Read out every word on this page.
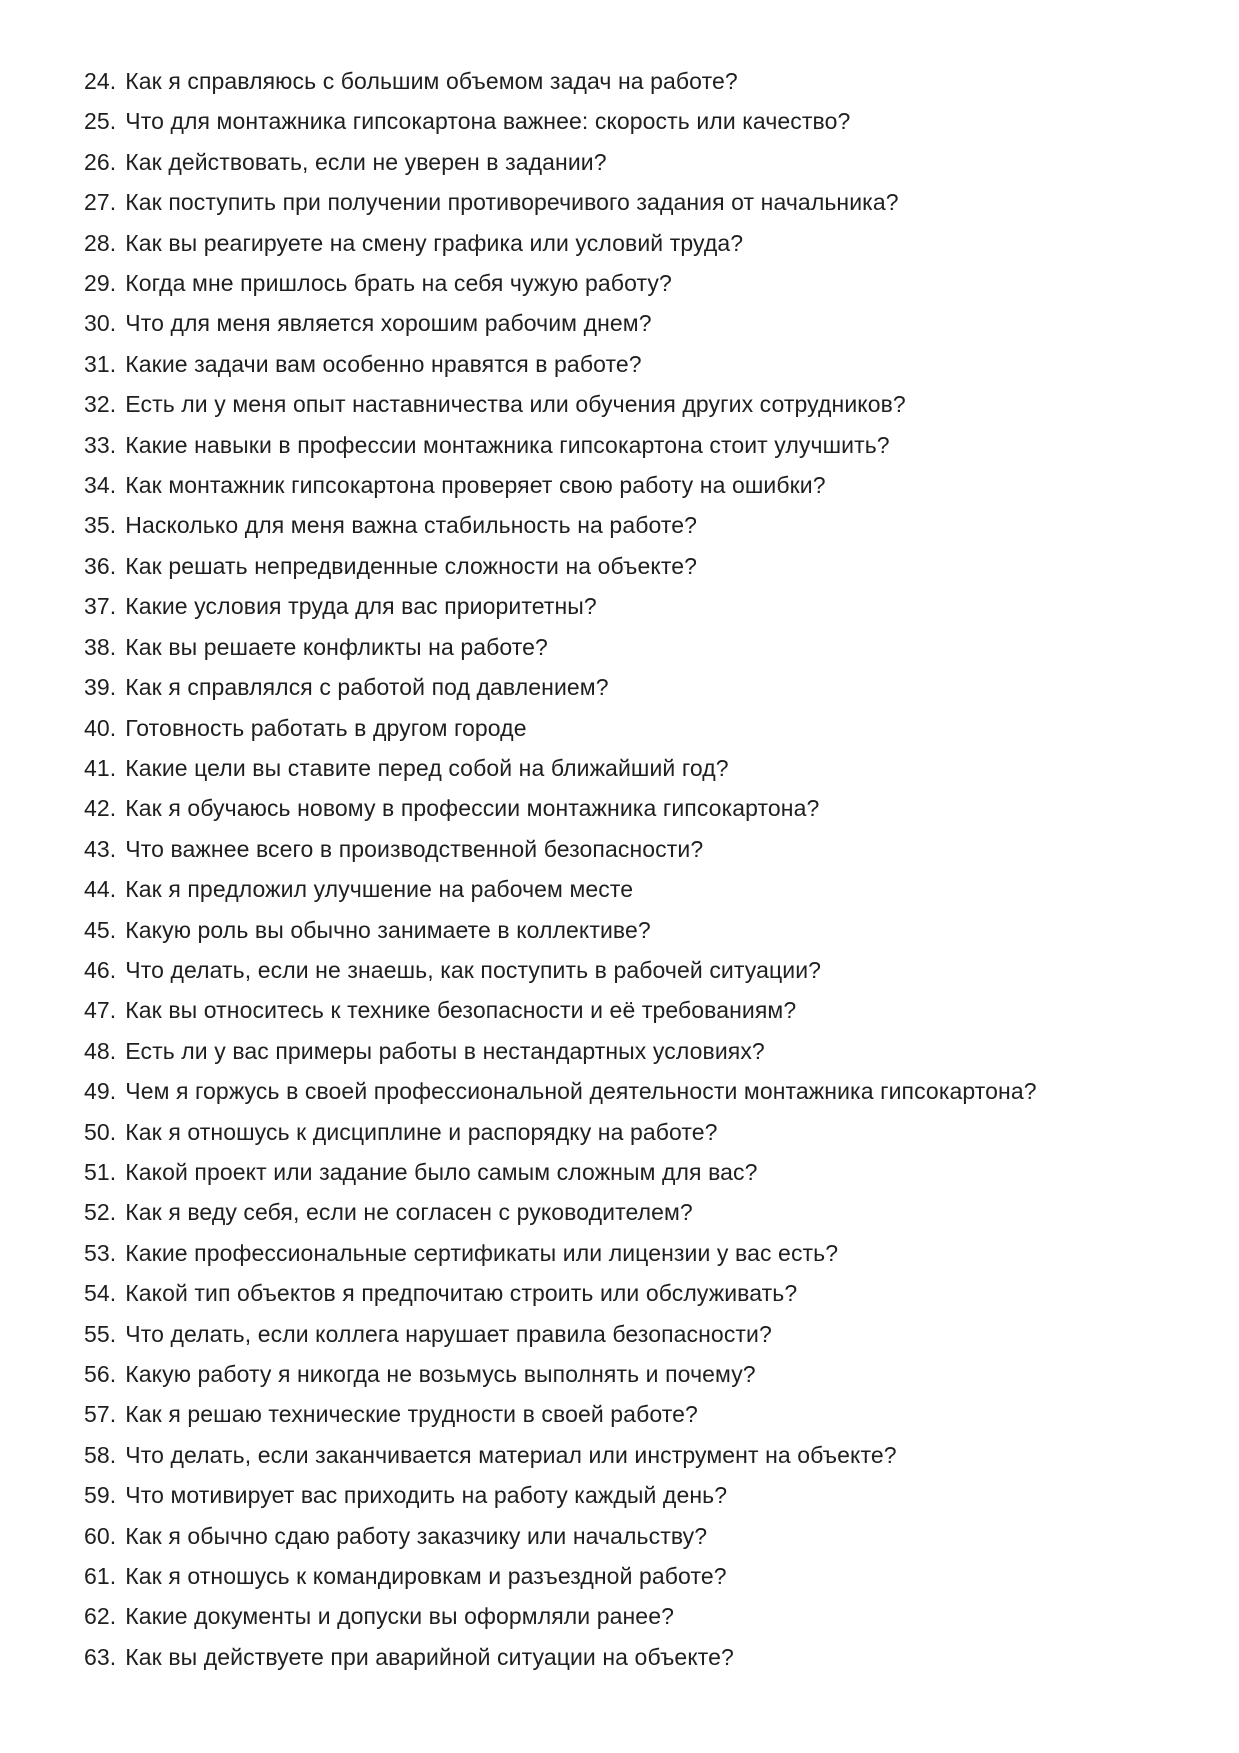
24. Как я справляюсь с большим объемом задач на работе?

25. Что для монтажника гипсокартона важнее: скорость или качество?

26. Как действовать, если не уверен в задании?

27. Как поступить при получении противоречивого задания от начальника?

28. Как вы реагируете на смену графика или условий труда?

29. Когда мне пришлось брать на себя чужую работу?

30. Что для меня является хорошим рабочим днем?

31. Какие задачи вам особенно нравятся в работе?

32. Есть ли у меня опыт наставничества или обучения других сотрудников?

33. Какие навыки в профессии монтажника гипсокартона стоит улучшить?

34. Как монтажник гипсокартона проверяет свою работу на ошибки?

35. Насколько для меня важна стабильность на работе?

36. Как решать непредвиденные сложности на объекте?

37. Какие условия труда для вас приоритетны?

38. Как вы решаете конфликты на работе?

39. Как я справлялся с работой под давлением?

40. Готовность работать в другом городе

41. Какие цели вы ставите перед собой на ближайший год?

42. Как я обучаюсь новому в профессии монтажника гипсокартона?

43. Что важнее всего в производственной безопасности?

44. Как я предложил улучшение на рабочем месте

45. Какую роль вы обычно занимаете в коллективе?

46. Что делать, если не знаешь, как поступить в рабочей ситуации?

47. Как вы относитесь к технике безопасности и её требованиям?

48. Есть ли у вас примеры работы в нестандартных условиях?

49. Чем я горжусь в своей профессиональной деятельности монтажника гипсокартона?

50. Как я отношусь к дисциплине и распорядку на работе?

51. Какой проект или задание было самым сложным для вас?

52. Как я веду себя, если не согласен с руководителем?

53. Какие профессиональные сертификаты или лицензии у вас есть?

54. Какой тип объектов я предпочитаю строить или обслуживать?

55. Что делать, если коллега нарушает правила безопасности?

56. Какую работу я никогда не возьмусь выполнять и почему?

57. Как я решаю технические трудности в своей работе?

58. Что делать, если заканчивается материал или инструмент на объекте?

59. Что мотивирует вас приходить на работу каждый день?

60. Как я обычно сдаю работу заказчику или начальству?

61. Как я отношусь к командировкам и разъездной работе?

62. Какие документы и допуски вы оформляли ранее?

63. Как вы действуете при аварийной ситуации на объекте?
